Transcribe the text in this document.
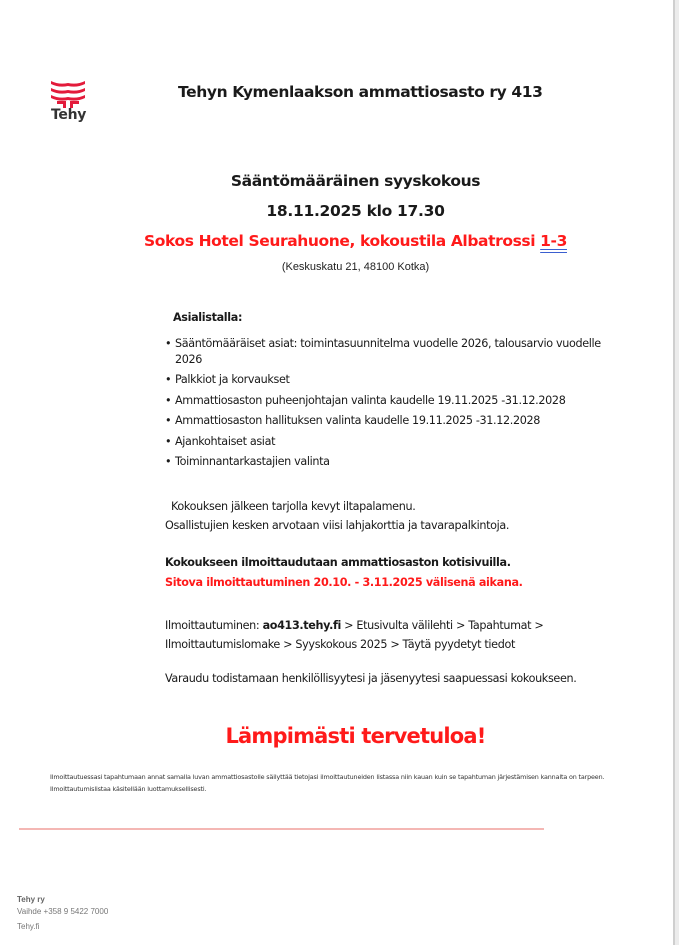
Tehy
Tehyn Kymenlaakson ammattiosasto ry 413
Sääntömääräinen syyskokous
18.11.2025 klo 17.30
Sokos Hotel Seurahuone, kokoustila Albatrossi 1-3
(Keskuskatu 21, 48100 Kotka)
Asialistalla:
• Sääntömääräiset asiat: toimintasuunnitelma vuodelle 2026, talousarvio vuodelle 2026
• Palkkiot ja korvaukset
• Ammattiosaston puheenjohtajan valinta kaudelle 19.11.2025 -31.12.2028
• Ammattiosaston hallituksen valinta kaudelle 19.11.2025 -31.12.2028
• Ajankohtaiset asiat
• Toiminnantarkastajien valinta
Kokouksen jälkeen tarjolla kevyt iltapalamenu.
Osallistujien kesken arvotaan viisi lahjakorttia ja tavarapalkintoja.
Kokoukseen ilmoittaudutaan ammattiosaston kotisivuilla.
Sitova ilmoittautuminen 20.10. - 3.11.2025 välisenä aikana.
Ilmoittautuminen: ao413.tehy.fi > Etusivulta välilehti > Tapahtumat > Ilmoittautumislomake > Syyskokous 2025 > Täytä pyydetyt tiedot
Varaudu todistamaan henkilöllisyytesi ja jäsenyytesi saapuessasi kokoukseen.
Lämpimästi tervetuloa!
Ilmoittautuessasi tapahtumaan annat samalla luvan ammattiosastolle säilyttää tietojasi ilmoittautuneiden listassa niin kauan kuin se tapahtuman järjestämisen kannalta on tarpeen. Ilmoittautumislistaa käsitellään luottamuksellisesti.
Tehy ry
Vaihde +358 9 5422 7000
Tehy.fi
